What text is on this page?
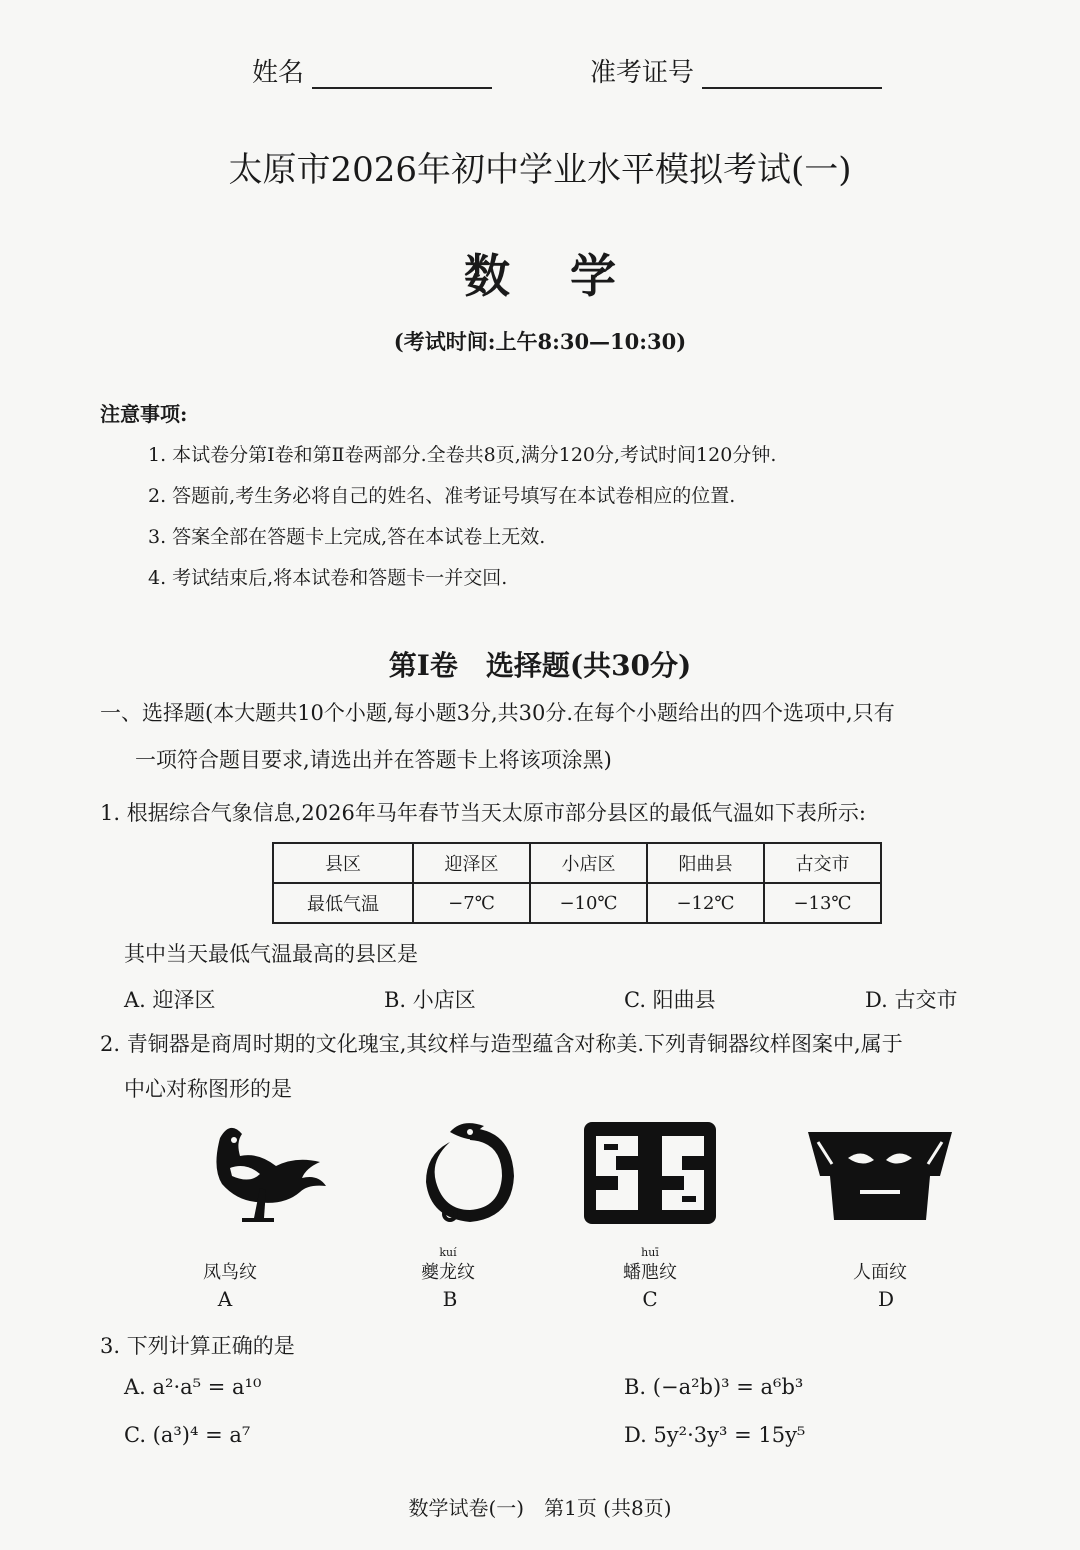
姓名	准考证号
太原市2026年初中学业水平模拟考试(一)
数学
(考试时间:上午8:30—10:30)
注意事项:
1. 本试卷分第Ⅰ卷和第Ⅱ卷两部分.全卷共8页,满分120分,考试时间120分钟.
2. 答题前,考生务必将自己的姓名、准考证号填写在本试卷相应的位置.
3. 答案全部在答题卡上完成,答在本试卷上无效.
4. 考试结束后,将本试卷和答题卡一并交回.
第Ⅰ卷　选择题(共30分)
一、选择题(本大题共10个小题,每小题3分,共30分.在每个小题给出的四个选项中,只有
一项符合题目要求,请选出并在答题卡上将该项涂黑)
1. 根据综合气象信息,2026年马年春节当天太原市部分县区的最低气温如下表所示:
县区	迎泽区	小店区	阳曲县	古交市
最低气温	−7℃	−10℃	−12℃	−13℃
其中当天最低气温最高的县区是
A. 迎泽区	B. 小店区	C. 阳曲县	D. 古交市
2. 青铜器是商周时期的文化瑰宝,其纹样与造型蕴含对称美.下列青铜器纹样图案中,属于
中心对称图形的是
kuí	huī
凤鸟纹	夔龙纹	蟠虺纹	人面纹
A	B	C	D
3. 下列计算正确的是
A. a²·a⁵ = a¹⁰	B. (−a²b)³ = a⁶b³
C. (a³)⁴ = a⁷	D. 5y²·3y³ = 15y⁵
数学试卷(一)　第1页 (共8页)
